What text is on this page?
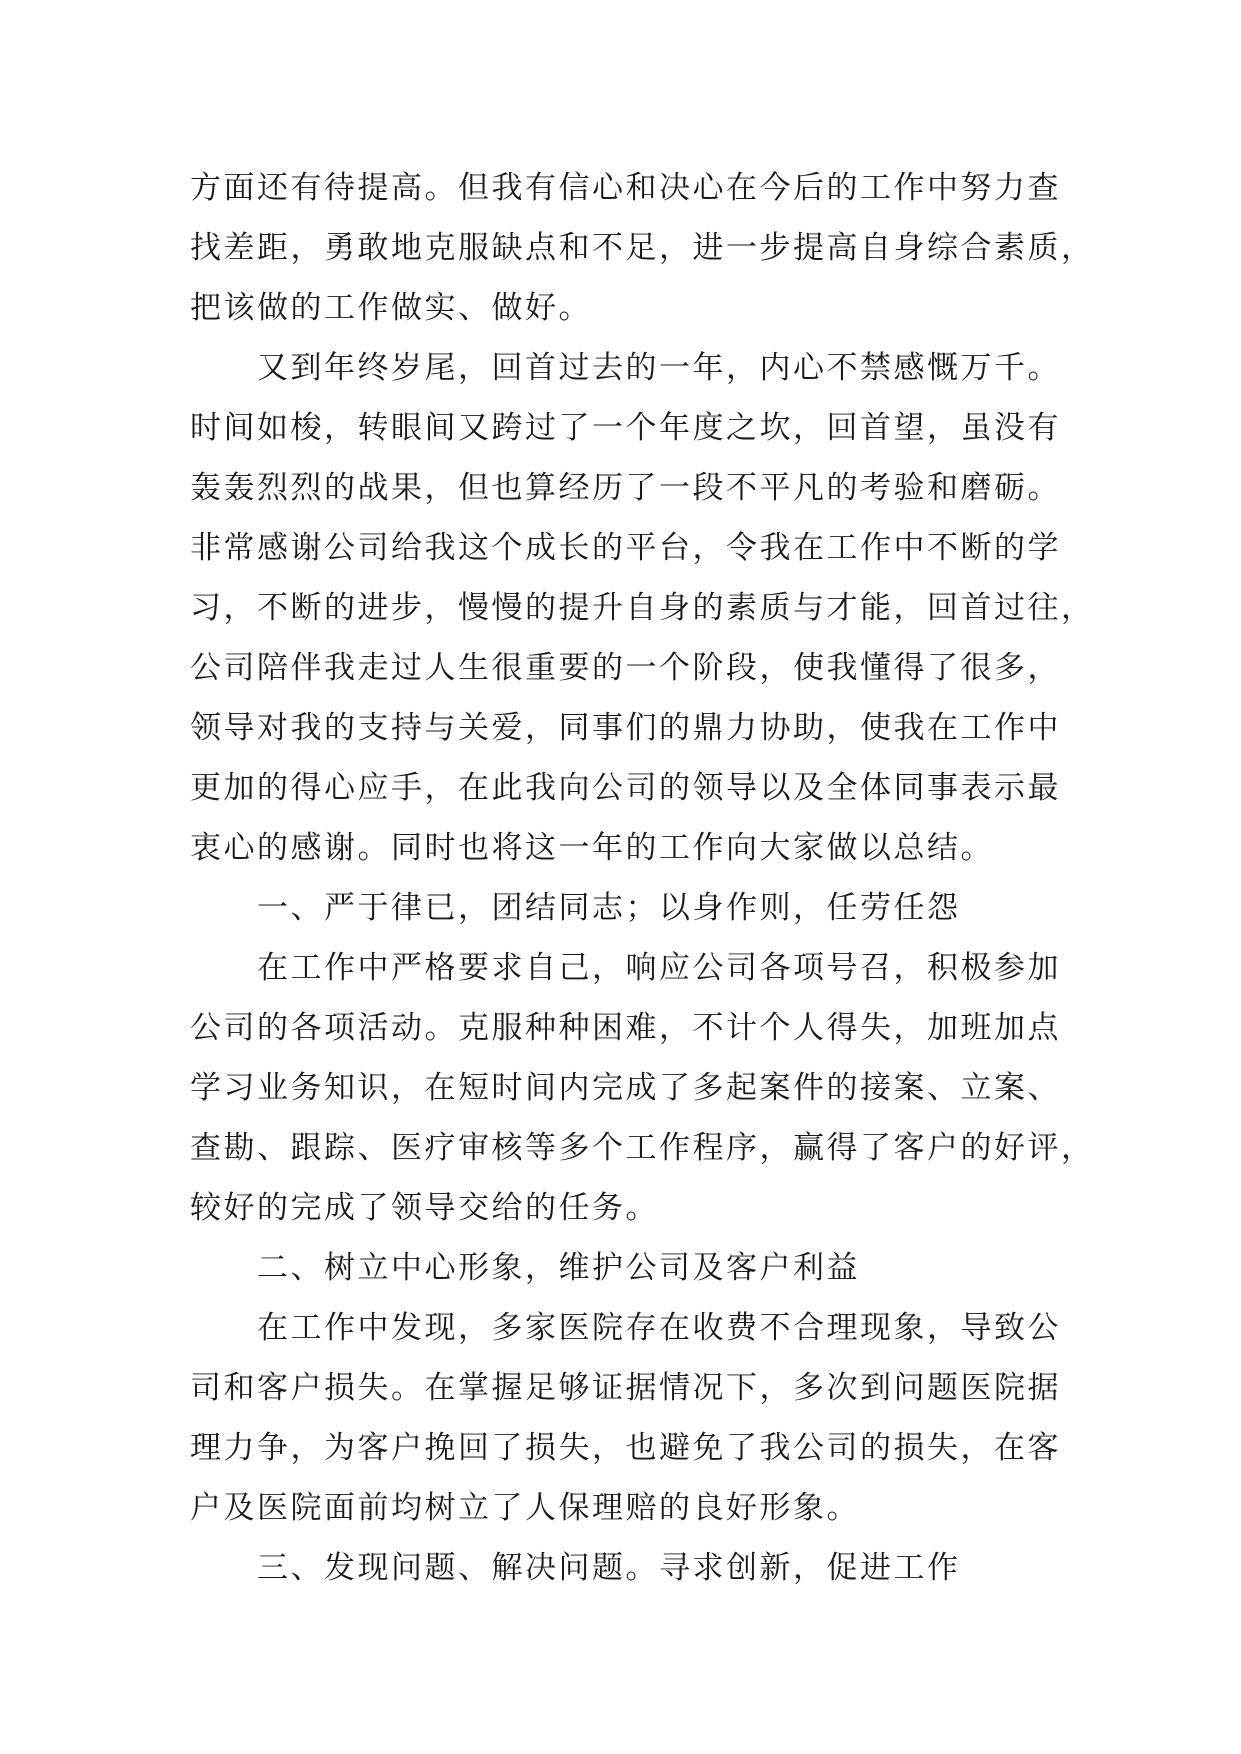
方面还有待提高。但我有信心和决心在今后的工作中努力查
找差距，勇敢地克服缺点和不足，进一步提高自身综合素质，
把该做的工作做实、做好。
　　又到年终岁尾，回首过去的一年，内心不禁感慨万千。
时间如梭，转眼间又跨过了一个年度之坎，回首望，虽没有
轰轰烈烈的战果，但也算经历了一段不平凡的考验和磨砺。
非常感谢公司给我这个成长的平台，令我在工作中不断的学
习，不断的进步，慢慢的提升自身的素质与才能，回首过往，
公司陪伴我走过人生很重要的一个阶段，使我懂得了很多，
领导对我的支持与关爱，同事们的鼎力协助，使我在工作中
更加的得心应手，在此我向公司的领导以及全体同事表示最
衷心的感谢。同时也将这一年的工作向大家做以总结。
　　一、严于律已，团结同志；以身作则，任劳任怨
　　在工作中严格要求自己，响应公司各项号召，积极参加
公司的各项活动。克服种种困难，不计个人得失，加班加点
学习业务知识，在短时间内完成了多起案件的接案、立案、
查勘、跟踪、医疗审核等多个工作程序，赢得了客户的好评，
较好的完成了领导交给的任务。
　　二、树立中心形象，维护公司及客户利益
　　在工作中发现，多家医院存在收费不合理现象，导致公
司和客户损失。在掌握足够证据情况下，多次到问题医院据
理力争，为客户挽回了损失，也避免了我公司的损失，在客
户及医院面前均树立了人保理赔的良好形象。
　　三、发现问题、解决问题。寻求创新，促进工作
